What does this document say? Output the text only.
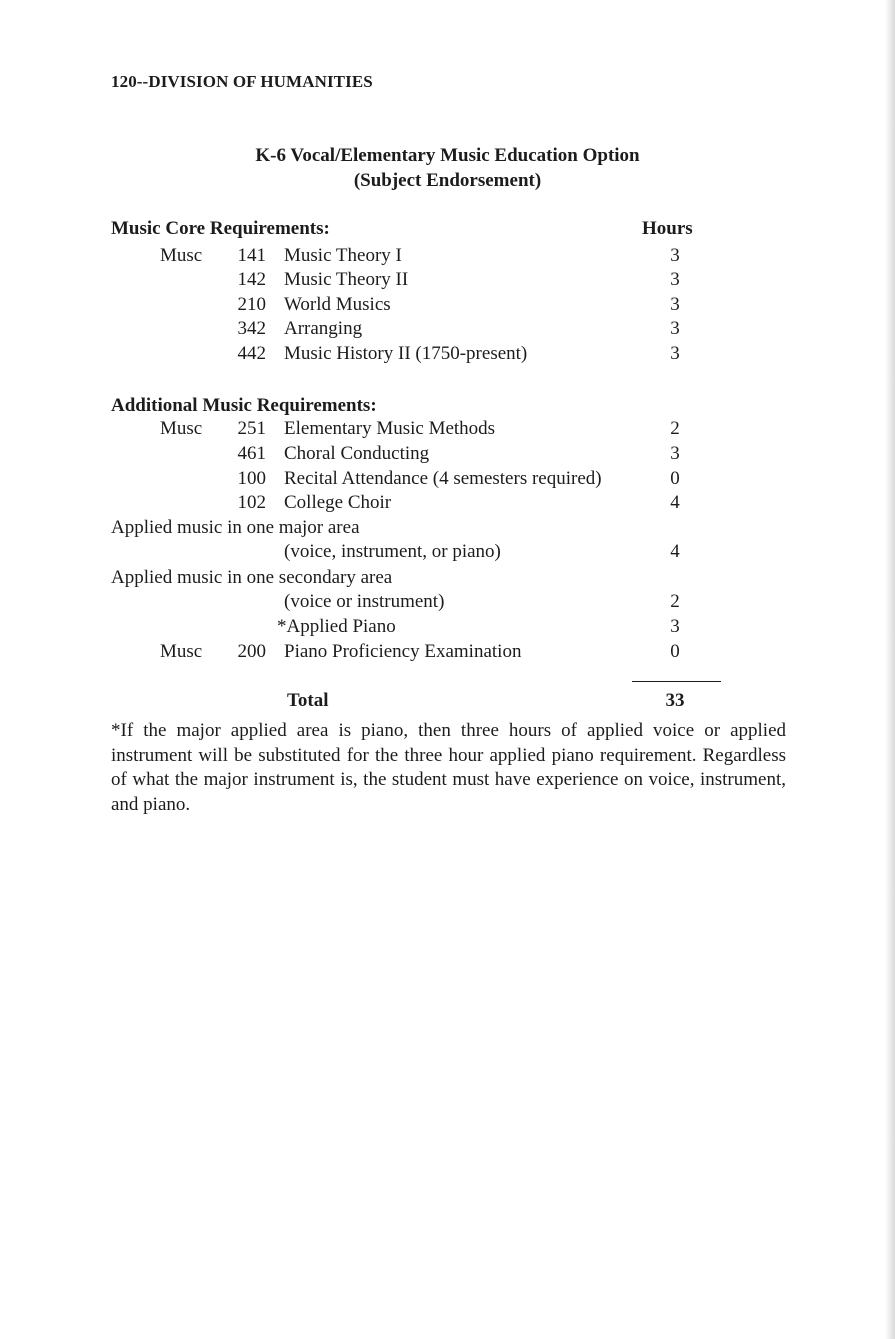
120--DIVISION OF HUMANITIES
K-6 Vocal/Elementary Music Education Option
(Subject Endorsement)
Music Core Requirements:	Hours
Musc	141 Music Theory I	3
142 Music Theory II	3
210 World Musics	3
342 Arranging	3
442 Music History II (1750-present)	3
Additional Music Requirements:
Musc	251 Elementary Music Methods	2
461 Choral Conducting	3
100 Recital Attendance (4 semesters required)	0
102 College Choir	4
Applied music in one major area
(voice, instrument, or piano)	4
Applied music in one secondary area
(voice or instrument)	2
*Applied Piano	3
Musc	200 Piano Proficiency Examination	0
Total	33
*If the major applied area is piano, then three hours of applied voice or applied instrument will be substituted for the three hour applied piano requirement. Regardless of what the major instrument is, the student must have experience on voice, instrument, and piano.
